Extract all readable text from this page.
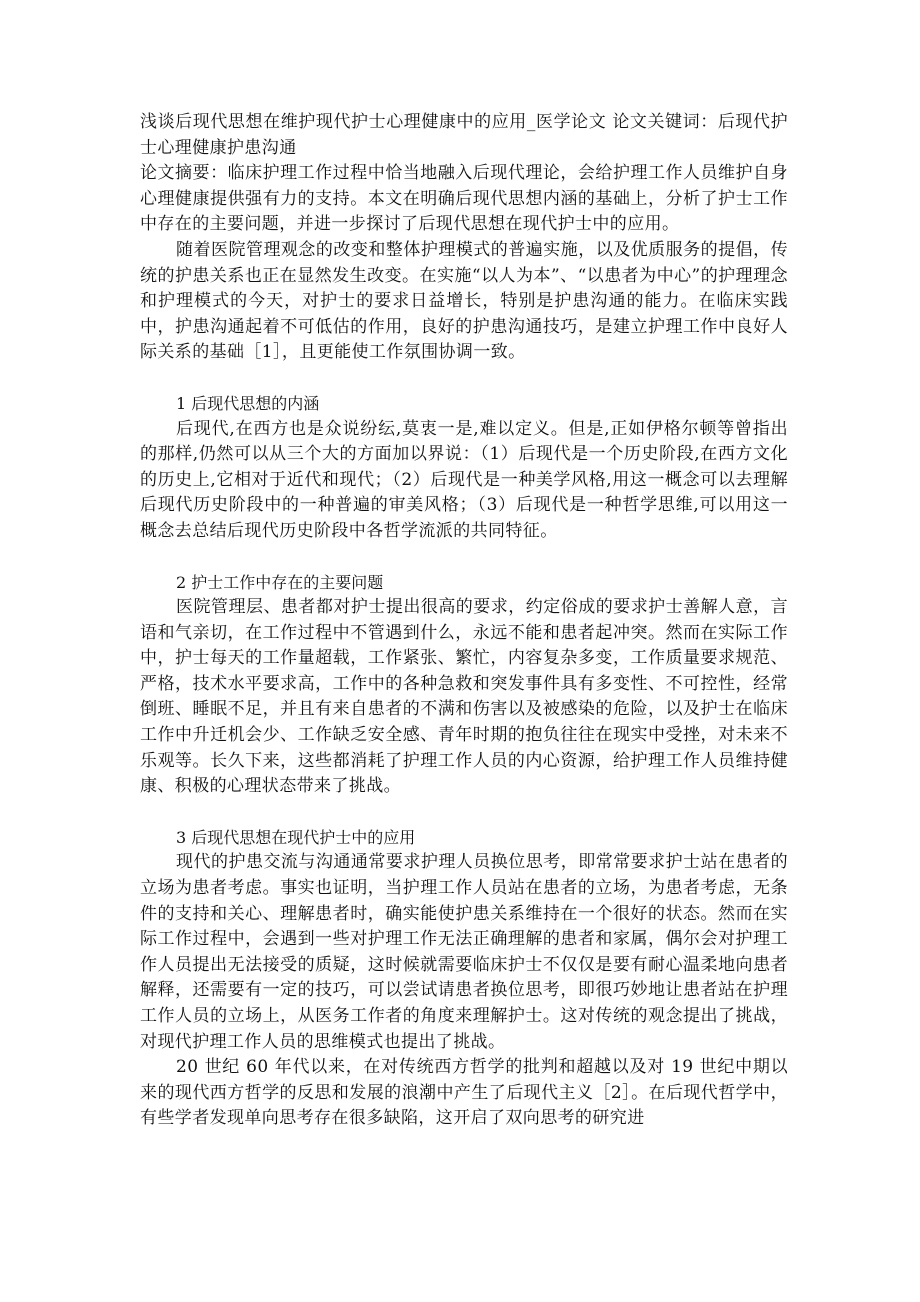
浅谈后现代思想在维护现代护士心理健康中的应用_医学论文 论文关键词：后现代护士心理健康护患沟通

论文摘要：临床护理工作过程中恰当地融入后现代理论，会给护理工作人员维护自身心理健康提供强有力的支持。本文在明确后现代思想内涵的基础上，分析了护士工作中存在的主要问题，并进一步探讨了后现代思想在现代护士中的应用。

随着医院管理观念的改变和整体护理模式的普遍实施，以及优质服务的提倡，传统的护患关系也正在显然发生改变。在实施“以人为本”、“以患者为中心”的护理理念和护理模式的今天，对护士的要求日益增长，特别是护患沟通的能力。在临床实践中，护患沟通起着不可低估的作用，良好的护患沟通技巧，是建立护理工作中良好人际关系的基础［1］，且更能使工作氛围协调一致。

1 后现代思想的内涵

后现代,在西方也是众说纷纭,莫衷一是,难以定义。但是,正如伊格尔顿等曾指出的那样,仍然可以从三个大的方面加以界说：（1）后现代是一个历史阶段,在西方文化的历史上,它相对于近代和现代；（2）后现代是一种美学风格,用这一概念可以去理解后现代历史阶段中的一种普遍的审美风格；（3）后现代是一种哲学思维,可以用这一概念去总结后现代历史阶段中各哲学流派的共同特征。

2 护士工作中存在的主要问题

医院管理层、患者都对护士提出很高的要求，约定俗成的要求护士善解人意，言语和气亲切，在工作过程中不管遇到什么，永远不能和患者起冲突。然而在实际工作中，护士每天的工作量超载，工作紧张、繁忙，内容复杂多变，工作质量要求规范、严格，技术水平要求高，工作中的各种急救和突发事件具有多变性、不可控性，经常倒班、睡眠不足，并且有来自患者的不满和伤害以及被感染的危险，以及护士在临床工作中升迁机会少、工作缺乏安全感、青年时期的抱负往往在现实中受挫，对未来不乐观等。长久下来，这些都消耗了护理工作人员的内心资源，给护理工作人员维持健康、积极的心理状态带来了挑战。

3 后现代思想在现代护士中的应用

现代的护患交流与沟通通常要求护理人员换位思考，即常常要求护士站在患者的立场为患者考虑。事实也证明，当护理工作人员站在患者的立场，为患者考虑，无条件的支持和关心、理解患者时，确实能使护患关系维持在一个很好的状态。然而在实际工作过程中，会遇到一些对护理工作无法正确理解的患者和家属，偶尔会对护理工作人员提出无法接受的质疑，这时候就需要临床护士不仅仅是要有耐心温柔地向患者解释，还需要有一定的技巧，可以尝试请患者换位思考，即很巧妙地让患者站在护理工作人员的立场上，从医务工作者的角度来理解护士。这对传统的观念提出了挑战，对现代护理工作人员的思维模式也提出了挑战。

20 世纪 60 年代以来，在对传统西方哲学的批判和超越以及对 19 世纪中期以来的现代西方哲学的反思和发展的浪潮中产生了后现代主义［2］。在后现代哲学中，有些学者发现单向思考存在很多缺陷，这开启了双向思考的研究进
